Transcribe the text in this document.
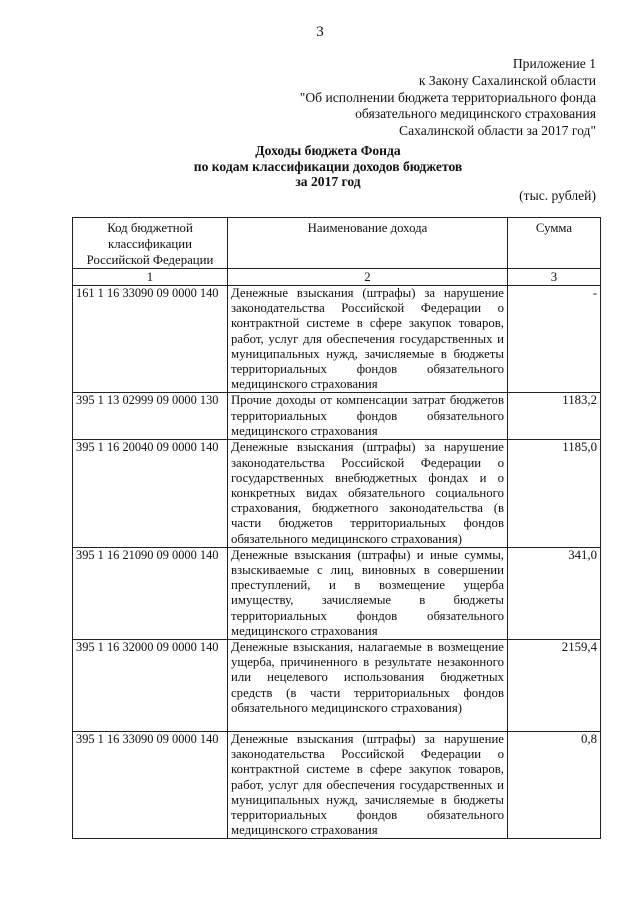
3
Приложение 1
к Закону Сахалинской области
"Об исполнении бюджета территориального фонда
обязательного медицинского страхования
Сахалинской области за 2017 год"
Доходы бюджета Фонда
по кодам классификации доходов бюджетов
за 2017 год
(тыс. рублей)
Код бюджетной классификации Российской Федерации	Наименование дохода	Сумма
1	2	3
161 1 16 33090 09 0000 140	Денежные взыскания (штрафы) за нарушение законодательства Российской Федерации о контрактной системе в сфере закупок товаров, работ, услуг для обеспечения государственных и муниципальных нужд, зачисляемые в бюджеты территориальных фондов обязательного медицинского страхования	-
395 1 13 02999 09 0000 130	Прочие доходы от компенсации затрат бюджетов территориальных фондов обязательного медицинского страхования	1183,2
395 1 16 20040 09 0000 140	Денежные взыскания (штрафы) за нарушение законодательства Российской Федерации о государственных внебюджетных фондах и о конкретных видах обязательного социального страхования, бюджетного законодательства (в части бюджетов территориальных фондов обязательного медицинского страхования)	1185,0
395 1 16 21090 09 0000 140	Денежные взыскания (штрафы) и иные суммы, взыскиваемые с лиц, виновных в совершении преступлений, и в возмещение ущерба имуществу, зачисляемые в бюджеты территориальных фондов обязательного медицинского страхования	341,0
395 1 16 32000 09 0000 140	Денежные взыскания, налагаемые в возмещение ущерба, причиненного в результате незаконного или нецелевого использования бюджетных средств (в части территориальных фондов обязательного медицинского страхования)	2159,4
395 1 16 33090 09 0000 140	Денежные взыскания (штрафы) за нарушение законодательства Российской Федерации о контрактной системе в сфере закупок товаров, работ, услуг для обеспечения государственных и муниципальных нужд, зачисляемые в бюджеты территориальных фондов обязательного медицинского страхования	0,8
